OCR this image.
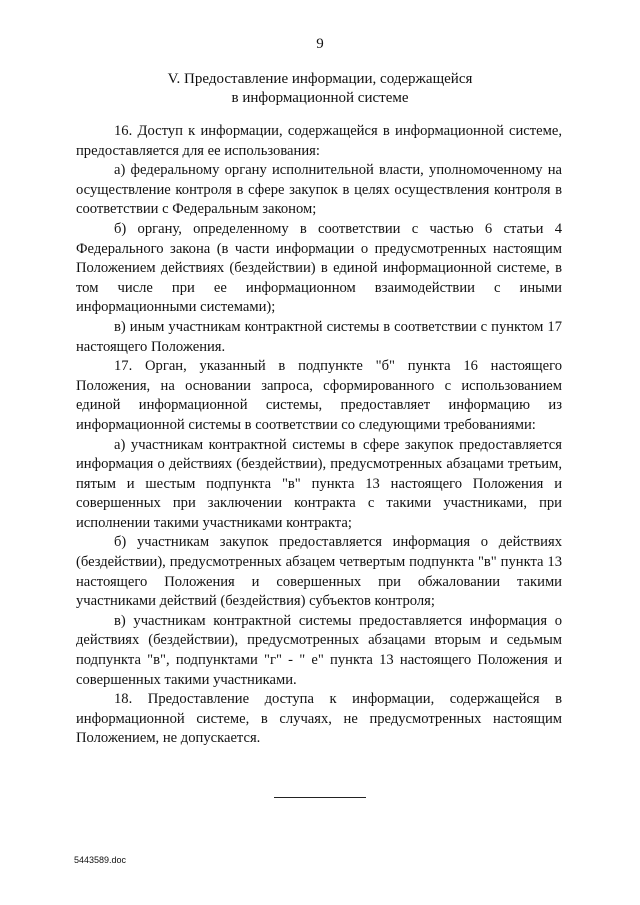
9
V. Предоставление информации, содержащейся
в информационной системе

16. Доступ к информации, содержащейся в информационной системе, предоставляется для ее использования:

а) федеральному органу исполнительной власти, уполномоченному на осуществление контроля в сфере закупок в целях осуществления контроля в соответствии с Федеральным законом;

б) органу, определенному в соответствии с частью 6 статьи 4 Федерального закона (в части информации о предусмотренных настоящим Положением действиях (бездействии) в единой информационной системе, в том числе при ее информационном взаимодействии с иными информационными системами);

в) иным участникам контрактной системы в соответствии с пунктом 17 настоящего Положения.

17. Орган, указанный в подпункте "б" пункта 16 настоящего Положения, на основании запроса, сформированного с использованием единой информационной системы, предоставляет информацию из информационной системы в соответствии со следующими требованиями:

а) участникам контрактной системы в сфере закупок предоставляется информация о действиях (бездействии), предусмотренных абзацами третьим, пятым и шестым подпункта "в" пункта 13 настоящего Положения и совершенных при заключении контракта с такими участниками, при исполнении такими участниками контракта;

б) участникам закупок предоставляется информация о действиях (бездействии), предусмотренных абзацем четвертым подпункта "в" пункта 13 настоящего Положения и совершенных при обжаловании такими участниками действий (бездействия) субъектов контроля;

в) участникам контрактной системы предоставляется информация о действиях (бездействии), предусмотренных абзацами вторым и седьмым подпункта "в", подпунктами "г" - " е" пункта 13 настоящего Положения и совершенных такими участниками.

18. Предоставление доступа к информации, содержащейся в информационной системе, в случаях, не предусмотренных настоящим Положением, не допускается.

5443589.doc
